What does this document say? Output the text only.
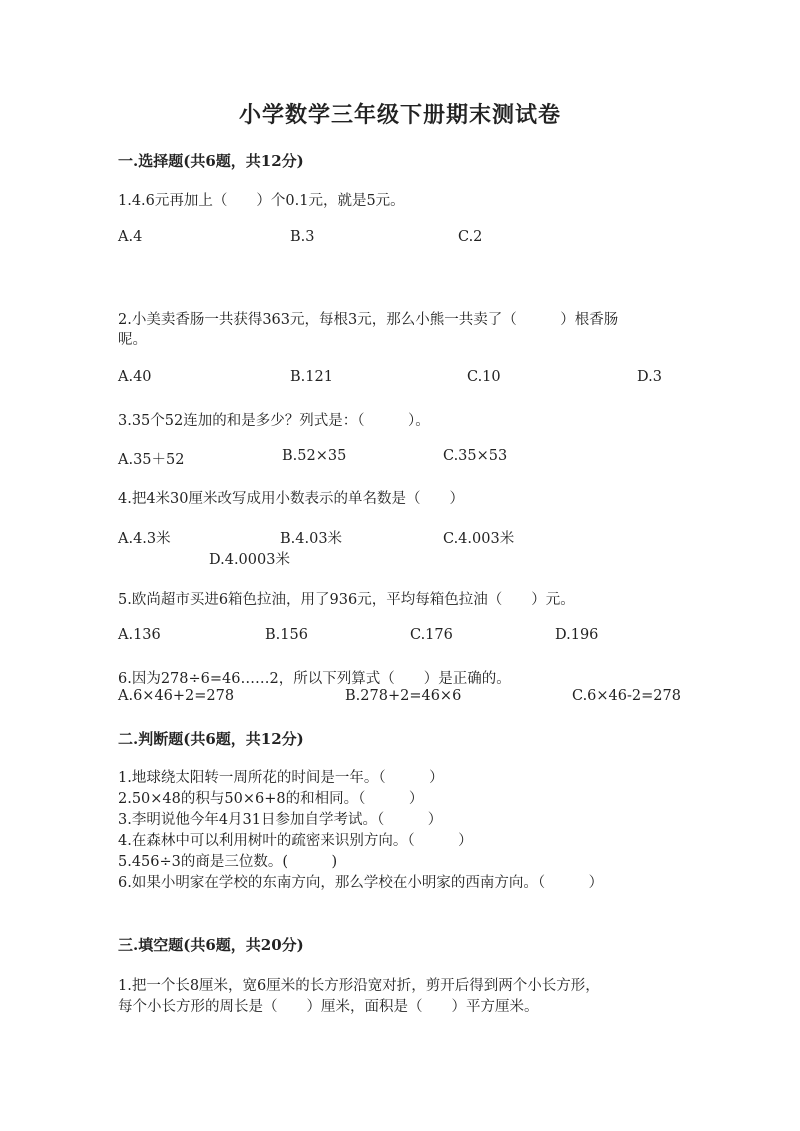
小学数学三年级下册期末测试卷
一.选择题(共6题，共12分)
1.4.6元再加上（　　）个0.1元，就是5元。
A.4	B.3	C.2
2.小美卖香肠一共获得363元，每根3元，那么小熊一共卖了（　　　）根香肠
呢。
A.40	B.121	C.10	D.3
3.35个52连加的和是多少？列式是：（　　　）。
A.35＋52	B.52×35	C.35×53
4.把4米30厘米改写成用小数表示的单名数是（　　）
A.4.3米	B.4.03米	C.4.003米
D.4.0003米
5.欧尚超市买进6箱色拉油，用了936元，平均每箱色拉油（　　）元。
A.136	B.156	C.176	D.196
6.因为278÷6=46……2，所以下列算式（　　）是正确的。
A.6×46+2=278	B.278+2=46×6	C.6×46-2=278
二.判断题(共6题，共12分)
1.地球绕太阳转一周所花的时间是一年。（　　　）
2.50×48的积与50×6+8的和相同。（　　　）
3.李明说他今年4月31日参加自学考试。（　　　）
4.在森林中可以利用树叶的疏密来识别方向。（　　　）
5.456÷3的商是三位数。(　　　)
6.如果小明家在学校的东南方向，那么学校在小明家的西南方向。（　　　）
三.填空题(共6题，共20分)
1.把一个长8厘米，宽6厘米的长方形沿宽对折，剪开后得到两个小长方形，
每个小长方形的周长是（　　）厘米，面积是（　　）平方厘米。
